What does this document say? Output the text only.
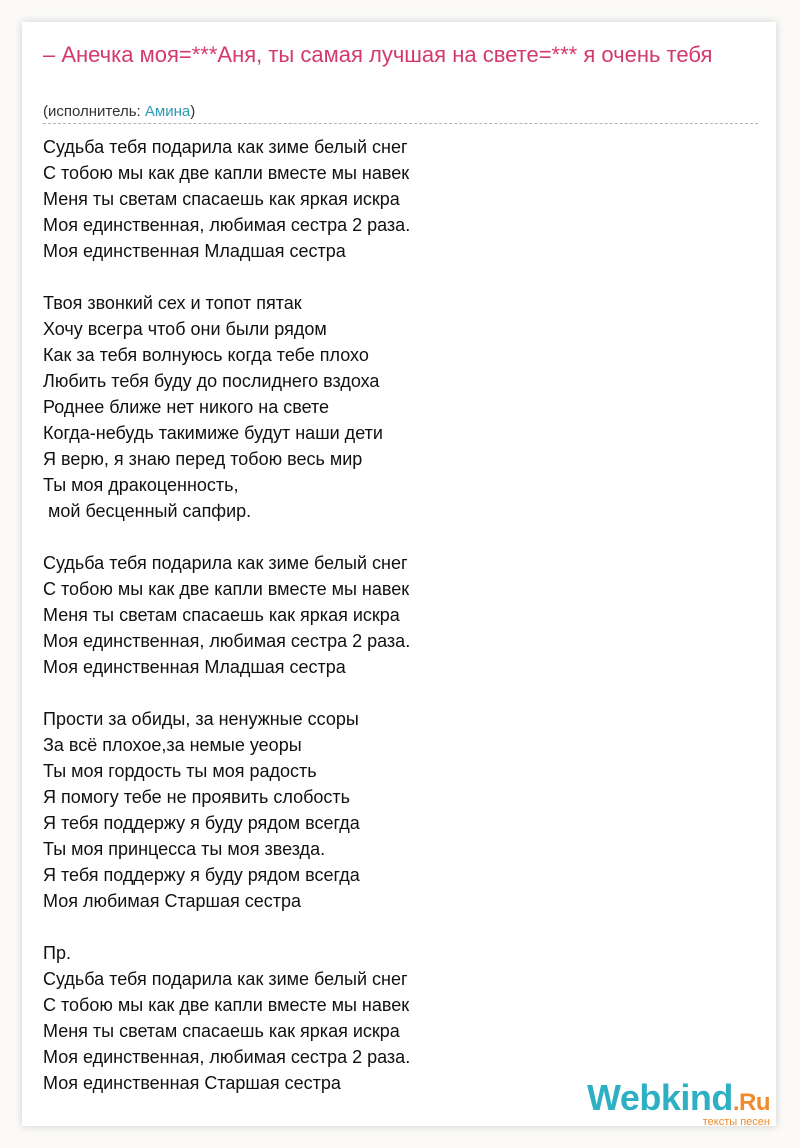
– Анечка моя=***Аня, ты самая лучшая на свете=*** я очень тебя
(исполнитель: Амина)
Судьба тебя подарила как зиме белый снег
С тобою мы как две капли вместе мы навек
Меня ты светам спасаешь как яркая искра
Моя единственная, любимая сестра 2 раза.
Моя единственная Младшая сестра
Твоя звонкий сех и топот пятак
Хочу всегра чтоб они были рядом
Как за тебя волнуюсь когда тебе плохо
Любить тебя буду до послиднего вздоха
Роднее ближе нет никого на свете
Когда-небудь такимиже будут наши дети
Я верю, я знаю перед тобою весь мир
Ты моя дракоценность,
мой бесценный сапфир.
Судьба тебя подарила как зиме белый снег
С тобою мы как две капли вместе мы навек
Меня ты светам спасаешь как яркая искра
Моя единственная, любимая сестра 2 раза.
Моя единственная Младшая сестра
Прости за обиды, за ненужные ссоры
За всё плохое,за немые уеоры
Ты моя гордость ты моя радость
Я помогу тебе не проявить слобость
Я тебя поддержу я буду рядом всегда
Ты моя принцесса ты моя звезда.
Я тебя поддержу я буду рядом всегда
Моя любимая Старшая сестра
Пр.
Судьба тебя подарила как зиме белый снег
С тобою мы как две капли вместе мы навек
Меня ты светам спасаешь как яркая искра
Моя единственная, любимая сестра 2 раза.
Моя единственная Старшая сестра	Webkind.Ru
тексты песен
